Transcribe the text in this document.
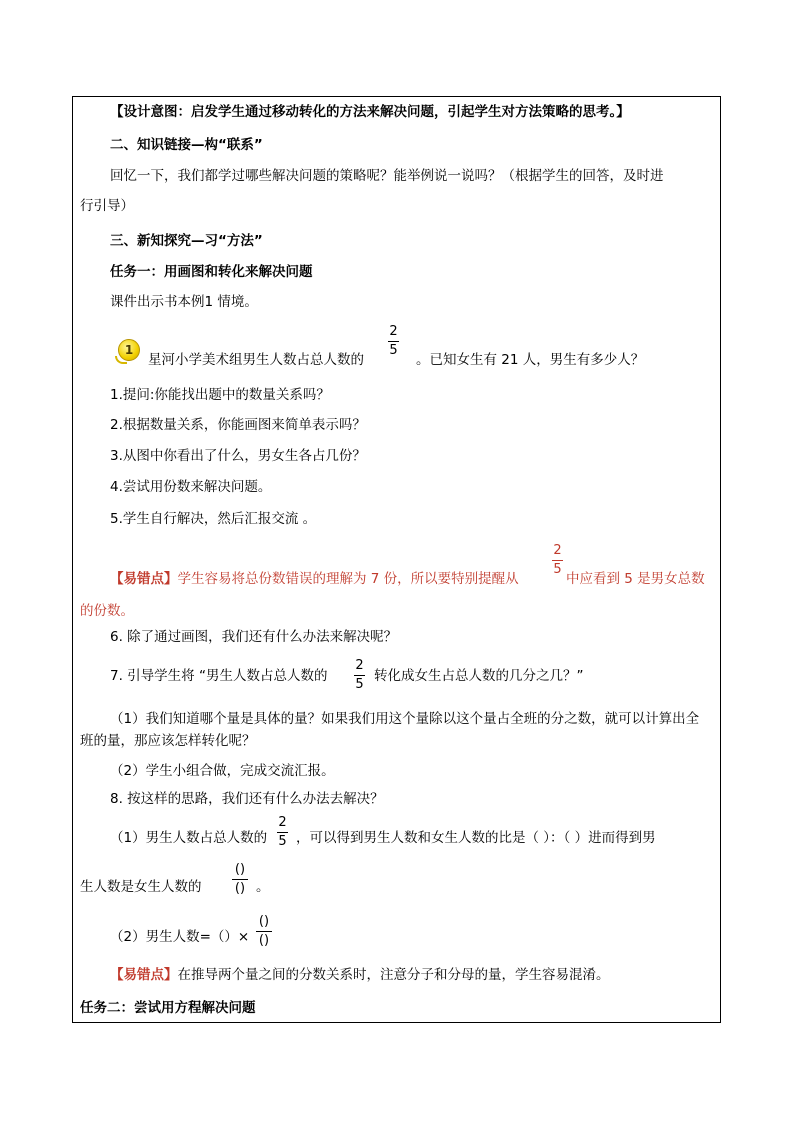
【设计意图：启发学生通过移动转化的方法来解决问题，引起学生对方法策略的思考。】
二、知识链接—构“联系”
回忆一下，我们都学过哪些解决问题的策略呢？能举例说一说吗？（根据学生的回答，及时进
行引导）
三、新知探究—习“方法”
任务一：用画图和转化来解决问题
课件出示书本例1 情境。
1
星河小学美术组男生人数占总人数的
2
5
。已知女生有 21 人，男生有多少人？
1.提问:你能找出题中的数量关系吗？
2.根据数量关系，你能画图来简单表示吗？
3.从图中你看出了什么，男女生各占几份？
4.尝试用份数来解决问题。
5.学生自行解决，然后汇报交流 。
【易错点】学生容易将总份数错误的理解为 7 份，所以要特别提醒从
2
5
中应看到 5 是男女总数
的份数。
6. 除了通过画图，我们还有什么办法来解决呢？
7. 引导学生将 “男生人数占总人数的
2
5
转化成女生占总人数的几分之几？”
（1）我们知道哪个量是具体的量？如果我们用这个量除以这个量占全班的分之数，就可以计算出全
班的量，那应该怎样转化呢？
（2）学生小组合做，完成交流汇报。
8. 按这样的思路，我们还有什么办法去解决？
（1）男生人数占总人数的
2
5 ，可以得到男生人数和女生人数的比是（ ）：（ ）进而得到男
生人数是女生人数的
()
() 。
（2）男生人数=（）×
()
()
【易错点】在推导两个量之间的分数关系时，注意分子和分母的量，学生容易混淆。
任务二：尝试用方程解决问题
